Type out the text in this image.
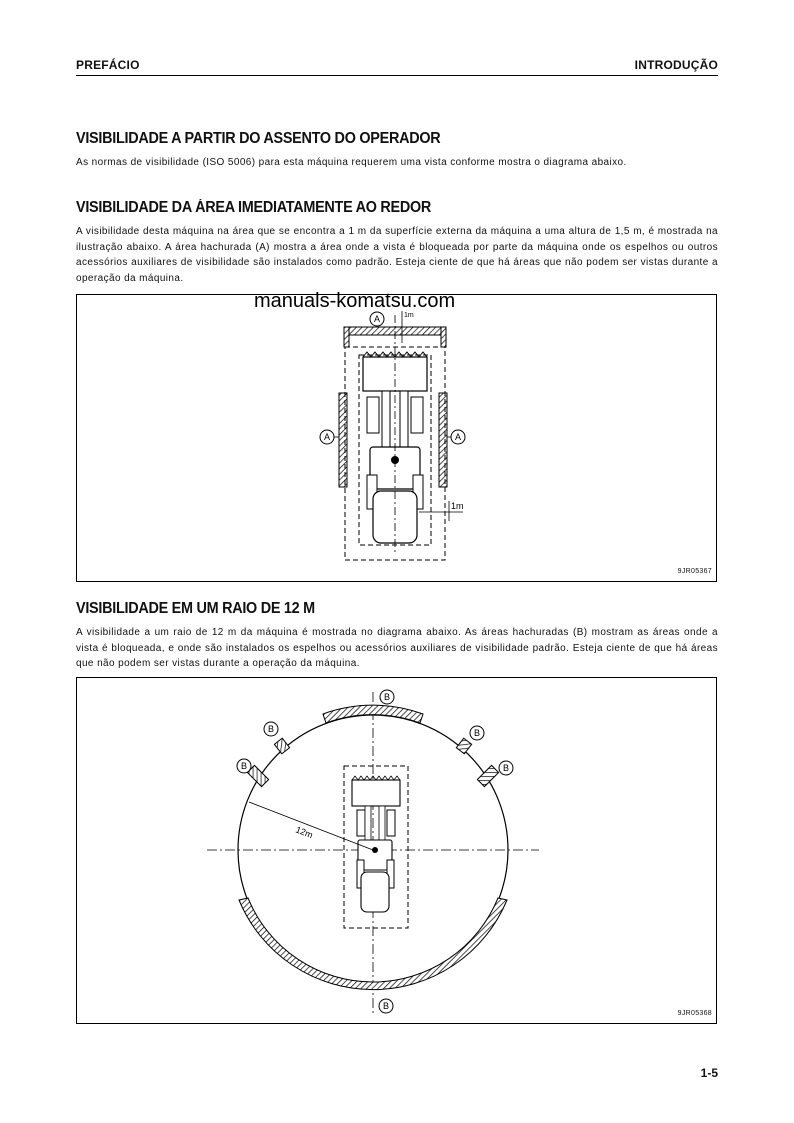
PREFÁCIO	INTRODUÇÃO
VISIBILIDADE A PARTIR DO ASSENTO DO OPERADOR

As normas de visibilidade (ISO 5006) para esta máquina requerem uma vista conforme mostra o diagrama abaixo.

VISIBILIDADE DA ÁREA IMEDIATAMENTE AO REDOR

A visibilidade desta máquina na área que se encontra a 1 m da superfície externa da máquina a uma altura de 1,5 m, é mostrada na ilustração abaixo. A área hachurada (A) mostra a área onde a vista é bloqueada por parte da máquina onde os espelhos ou outros acessórios auxiliares de visibilidade são instalados como padrão. Esteja ciente de que há áreas que não podem ser vistas durante a operação da máquina.

1m
1m
A
A	A
9JR05367
manuals-komatsu.com
VISIBILIDADE EM UM RAIO DE 12 M

A visibilidade a um raio de 12 m da máquina é mostrada no diagrama abaixo. As áreas hachuradas (B) mostram as áreas onde a vista é bloqueada, e onde são instalados os espelhos ou acessórios auxiliares de visibilidade padrão. Esteja ciente de que há áreas que não podem ser vistas durante a operação da máquina.

12m
B
B
B
B
B
B
9JR05368
1-5
